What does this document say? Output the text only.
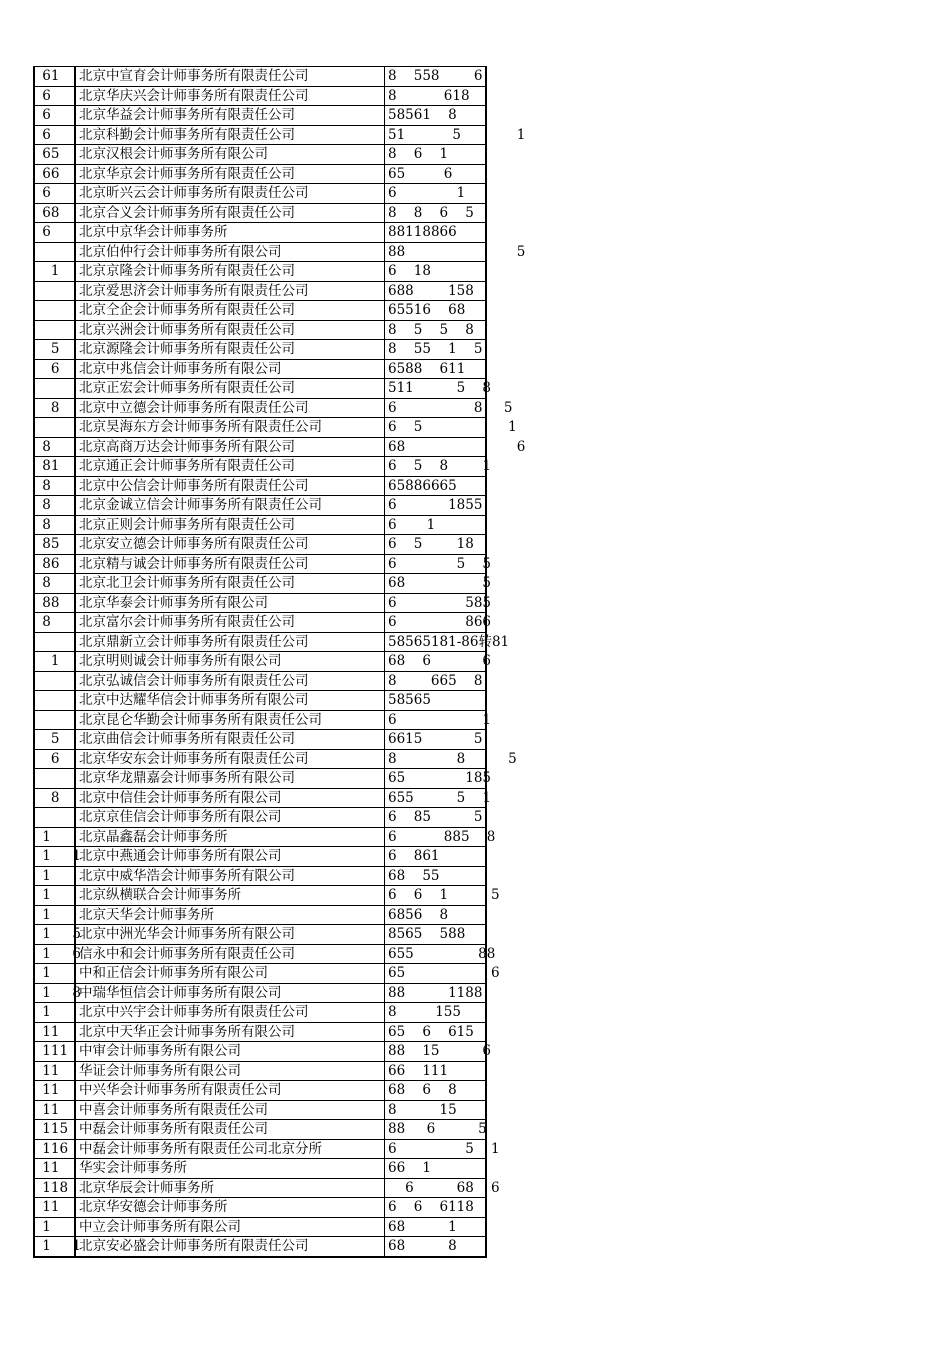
61	北京中宣育会计师事务所有限责任公司	8    558        6
6	北京华庆兴会计师事务所有限责任公司	8           618
6	北京华益会计师事务所有限责任公司	58561    8
6	北京科勤会计师事务所有限责任公司	51           5             1
65	北京汉根会计师事务所有限公司	8    6    1
66	北京华京会计师事务所有限责任公司	65         6
6	北京昕兴云会计师事务所有限责任公司	6              1
68	北京合义会计师事务所有限责任公司	8    8    6    5
6	北京中京华会计师事务所	88118866
	北京伯仲行会计师事务所有限公司	88                          5
1	北京京隆会计师事务所有限责任公司	6    18
	北京爱思济会计师事务所有限责任公司	688        158
	北京仝企会计师事务所有限责任公司	65516    68
	北京兴洲会计师事务所有限责任公司	8    5    5    8
5	北京源隆会计师事务所有限责任公司	8    55    1    5
6	北京中兆信会计师事务所有限公司	6588    611
	北京正宏会计师事务所有限责任公司	511          5    8
8	北京中立德会计师事务所有限责任公司	6                  8     5
	北京昊海东方会计师事务所有限责任公司	6    5                    1
8	北京高商万达会计师事务所有限公司	68                          6
81	北京通正会计师事务所有限责任公司	6    5    8        1
8	北京中公信会计师事务所有限责任公司	65886665
8	北京金诚立信会计师事务所有限责任公司	6            1855
8	北京正则会计师事务所有限责任公司	6       1
85	北京安立德会计师事务所有限责任公司	6    5        18
86	北京精与诚会计师事务所有限责任公司	6              5    5
8	北京北卫会计师事务所有限责任公司	68                  5
88	北京华泰会计师事务所有限公司	6                585
8	北京富尔会计师事务所有限责任公司	6                866
	北京鼎新立会计师事务所有限责任公司	58565181-86转81
1	北京明则诚会计师事务所有限公司	68    6            6
	北京弘诚信会计师事务所有限责任公司	8        665    8
	北京中达耀华信会计师事务所有限公司	58565
	北京昆仑华勤会计师事务所有限责任公司	6                    1
5	北京曲信会计师事务所有限责任公司	6615            5
6	北京华安东会计师事务所有限责任公司	8              8          5
	北京华龙鼎嘉会计师事务所有限公司	65              185
8	北京中信佳会计师事务所有限公司	655          5    1
	北京京佳信会计师事务所有限公司	6    85          5
1	北京晶鑫磊会计师事务所	6           885    8
1     1	北京中燕通会计师事务所有限公司	6    861
1	北京中威华浩会计师事务所有限公司	68    55
1	北京纵横联合会计师事务所	6    6    1          5
1	北京天华会计师事务所	6856    8
1     5	北京中洲光华会计师事务所有限公司	8565    588
1     6	信永中和会计师事务所有限责任公司	655               88
1	中和正信会计师事务所有限公司	65                    6
1     8	中瑞华恒信会计师事务所有限公司	88          1188
1	北京中兴宇会计师事务所有限责任公司	8         155
11	北京中天华正会计师事务所有限公司	65    6    615
111	中审会计师事务所有限公司	88    15          6
11	华证会计师事务所有限公司	66    111
11	中兴华会计师事务所有限责任公司	68    6    8
11	中喜会计师事务所有限责任公司	8          15
115	中磊会计师事务所有限责任公司	88     6          5
116	中磊会计师事务所有限责任公司北京分所	6                5    1
11	华实会计师事务所	66    1
118	北京华辰会计师事务所	6          68    6
11	北京华安德会计师事务所	6    6    6118
1	中立会计师事务所有限公司	68          1
1     1	北京安必盛会计师事务所有限责任公司	68          8
